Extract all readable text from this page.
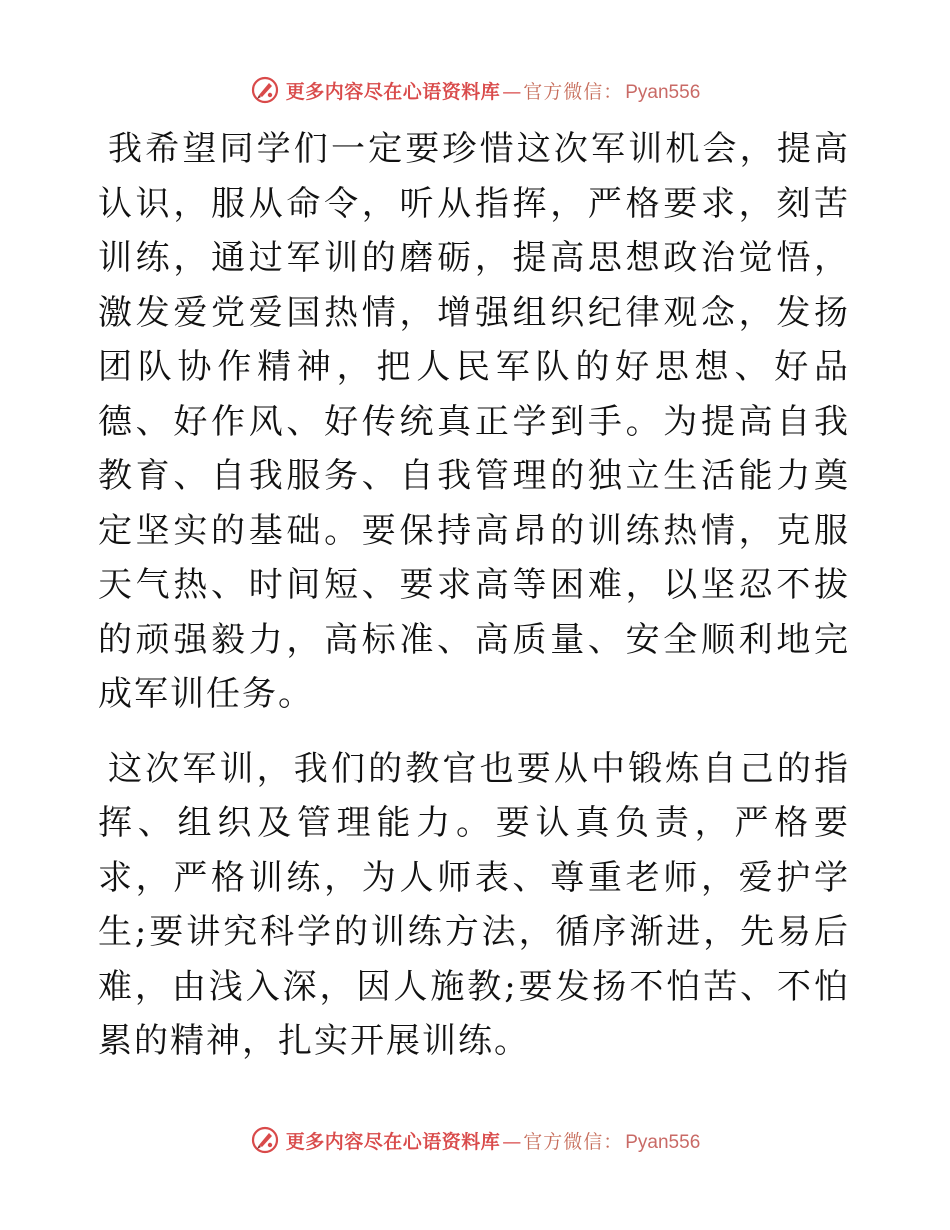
更多内容尽在心语资料库 — 官方微信： Pyan556

我希望同学们一定要珍惜这次军训机会，提高认识，服从命令，听从指挥，严格要求，刻苦训练，通过军训的磨砺，提高思想政治觉悟，激发爱党爱国热情，增强组织纪律观念，发扬团队协作精神，把人民军队的好思想、好品德、好作风、好传统真正学到手。为提高自我教育、自我服务、自我管理的独立生活能力奠定坚实的基础。要保持高昂的训练热情，克服天气热、时间短、要求高等困难，以坚忍不拔的顽强毅力，高标准、高质量、安全顺利地完成军训任务。

这次军训，我们的教官也要从中锻炼自己的指挥、组织及管理能力。要认真负责，严格要求，严格训练，为人师表、尊重老师，爱护学生;要讲究科学的训练方法，循序渐进，先易后难，由浅入深，因人施教;要发扬不怕苦、不怕累的精神，扎实开展训练。

更多内容尽在心语资料库 — 官方微信： Pyan556
